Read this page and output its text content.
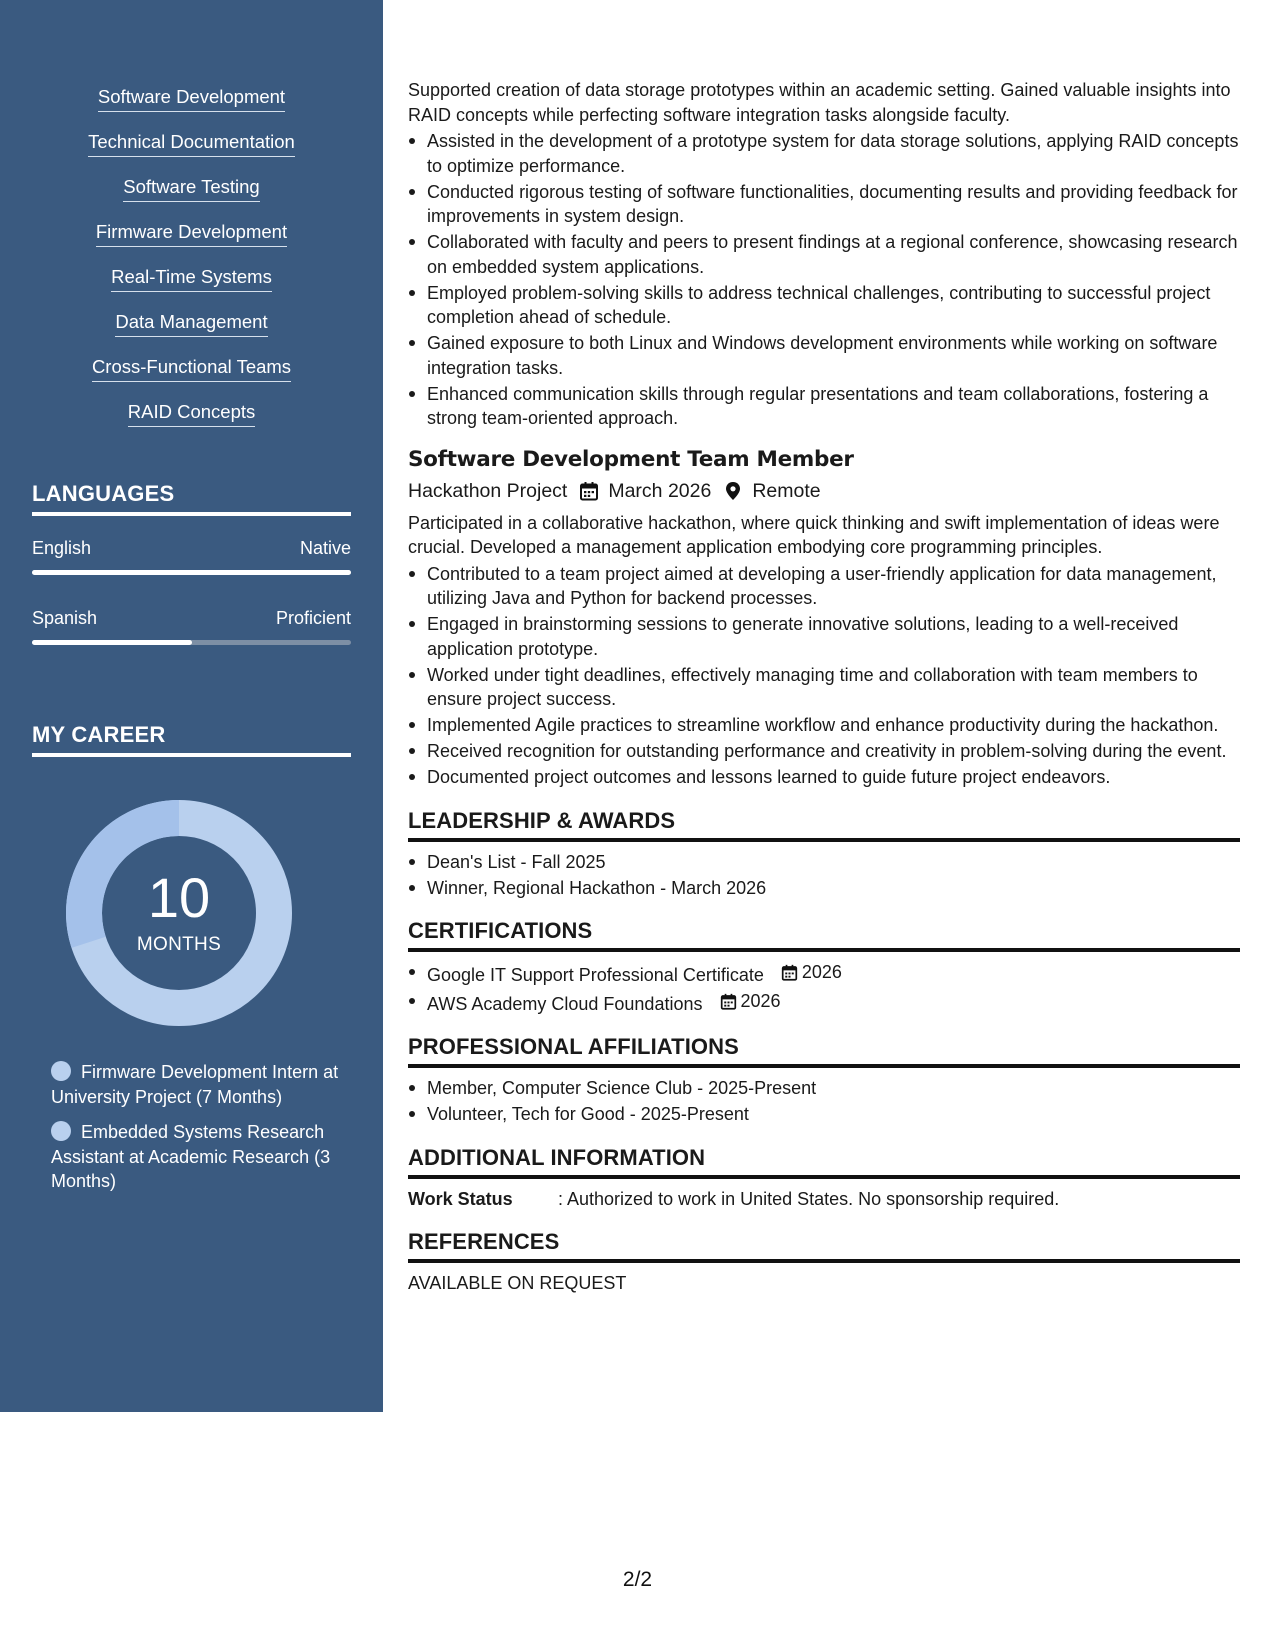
Software Development
Technical Documentation
Software Testing
Firmware Development
Real-Time Systems
Data Management
Cross-Functional Teams
RAID Concepts
LANGUAGES
English	Native
Spanish	Proficient
MY CAREER
10
MONTHS
Firmware Development Intern at University Project (7 Months)
Embedded Systems Research Assistant at Academic Research (3 Months)

Supported creation of data storage prototypes within an academic setting. Gained valuable insights into RAID concepts while perfecting software integration tasks alongside faculty.

Assisted in the development of a prototype system for data storage solutions, applying RAID concepts to optimize performance.
Conducted rigorous testing of software functionalities, documenting results and providing feedback for improvements in system design.
Collaborated with faculty and peers to present findings at a regional conference, showcasing research on embedded system applications.
Employed problem-solving skills to address technical challenges, contributing to successful project completion ahead of schedule.
Gained exposure to both Linux and Windows development environments while working on software integration tasks.
Enhanced communication skills through regular presentations and team collaborations, fostering a strong team-oriented approach.
Software Development Team Member
Hackathon Project March 2026 Remote

Participated in a collaborative hackathon, where quick thinking and swift implementation of ideas were crucial. Developed a management application embodying core programming principles.

Contributed to a team project aimed at developing a user-friendly application for data management, utilizing Java and Python for backend processes.
Engaged in brainstorming sessions to generate innovative solutions, leading to a well-received application prototype.
Worked under tight deadlines, effectively managing time and collaboration with team members to ensure project success.
Implemented Agile practices to streamline workflow and enhance productivity during the hackathon.
Received recognition for outstanding performance and creativity in problem-solving during the event.
Documented project outcomes and lessons learned to guide future project endeavors.
LEADERSHIP & AWARDS
Dean's List - Fall 2025
Winner, Regional Hackathon - March 2026
CERTIFICATIONS
Google IT Support Professional Certificate 2026
AWS Academy Cloud Foundations 2026
PROFESSIONAL AFFILIATIONS
Member, Computer Science Club - 2025-Present
Volunteer, Tech for Good - 2025-Present
ADDITIONAL INFORMATION
Work Status	: Authorized to work in United States. No sponsorship required.
REFERENCES

AVAILABLE ON REQUEST

2/2
